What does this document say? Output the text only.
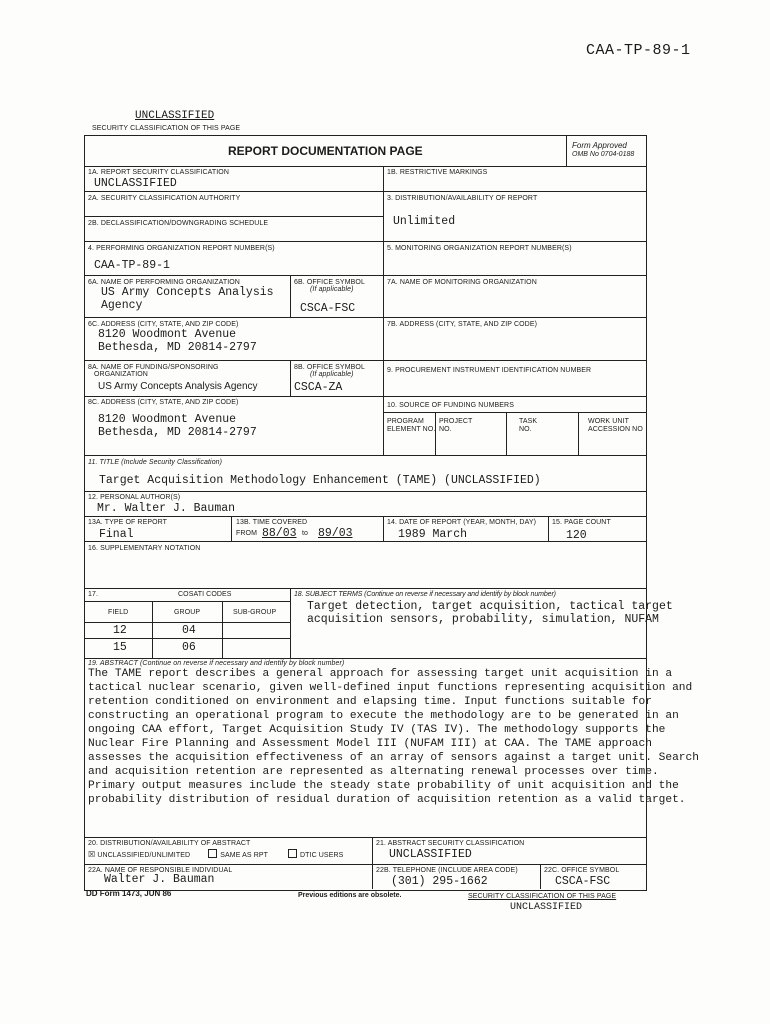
CAA-TP-89-1
UNCLASSIFIED
SECURITY CLASSIFICATION OF THIS PAGE
REPORT DOCUMENTATION PAGE	Form Approved
OMB No 0704-0188
1A. REPORT SECURITY CLASSIFICATION
UNCLASSIFIED
1B. RESTRICTIVE MARKINGS
2A. SECURITY CLASSIFICATION AUTHORITY	3. DISTRIBUTION/AVAILABILITY OF REPORT
Unlimited
2B. DECLASSIFICATION/DOWNGRADING SCHEDULE
4. PERFORMING ORGANIZATION REPORT NUMBER(S)
CAA-TP-89-1
5. MONITORING ORGANIZATION REPORT NUMBER(S)
6A. NAME OF PERFORMING ORGANIZATION
US Army Concepts Analysis
Agency
6B. OFFICE SYMBOL
(If applicable)
CSCA-FSC
7A. NAME OF MONITORING ORGANIZATION
6C. ADDRESS (CITY, STATE, AND ZIP CODE)
8120 Woodmont Avenue
Bethesda, MD 20814-2797
7B. ADDRESS (CITY, STATE, AND ZIP CODE)
8A. NAME OF FUNDING/SPONSORING
ORGANIZATION
US Army Concepts Analysis Agency
8B. OFFICE SYMBOL
(If applicable)
CSCA-ZA
9. PROCUREMENT INSTRUMENT IDENTIFICATION NUMBER
8C. ADDRESS (CITY, STATE, AND ZIP CODE)
8120 Woodmont Avenue
Bethesda, MD 20814-2797
10. SOURCE OF FUNDING NUMBERS
PROGRAM
ELEMENT NO.
PROJECT
NO.
TASK
NO.
WORK UNIT
ACCESSION NO
11. TITLE (Include Security Classification)
Target Acquisition Methodology Enhancement (TAME) (UNCLASSIFIED)
12. PERSONAL AUTHOR(S)
Mr. Walter J. Bauman
13A. TYPE OF REPORT
Final
13B. TIME COVERED
FROM 88/03 to 89/03
14. DATE OF REPORT (YEAR, MONTH, DAY)
1989 March
15. PAGE COUNT
120
16. SUPPLEMENTARY NOTATION
17.	COSATI CODES
FIELD	GROUP	SUB-GROUP
12	04
15	06
18. SUBJECT TERMS (Continue on reverse if necessary and identify by block number)
Target detection, target acquisition, tactical target
acquisition sensors, probability, simulation, NUFAM
19. ABSTRACT (Continue on reverse if necessary and identify by block number)
The TAME report describes a general approach for assessing target unit acquisition in a
tactical nuclear scenario, given well-defined input functions representing acquisition and
retention conditioned on environment and elapsing time. Input functions suitable for
constructing an operational program to execute the methodology are to be generated in an
ongoing CAA effort, Target Acquisition Study IV (TAS IV). The methodology supports the
Nuclear Fire Planning and Assessment Model III (NUFAM III) at CAA. The TAME approach
assesses the acquisition effectiveness of an array of sensors against a target unit. Search
and acquisition retention are represented as alternating renewal processes over time.
Primary output measures include the steady state probability of unit acquisition and the
probability distribution of residual duration of acquisition retention as a valid target.
20. DISTRIBUTION/AVAILABILITY OF ABSTRACT
☒ UNCLASSIFIED/UNLIMITED	SAME AS RPT	DTIC USERS
21. ABSTRACT SECURITY CLASSIFICATION
UNCLASSIFIED
22A. NAME OF RESPONSIBLE INDIVIDUAL
Walter J. Bauman
22B. TELEPHONE (INCLUDE AREA CODE)
(301) 295-1662
22C. OFFICE SYMBOL
CSCA-FSC
DD Form 1473, JUN 86	Previous editions are obsolete.	SECURITY CLASSIFICATION OF THIS PAGE
UNCLASSIFIED
